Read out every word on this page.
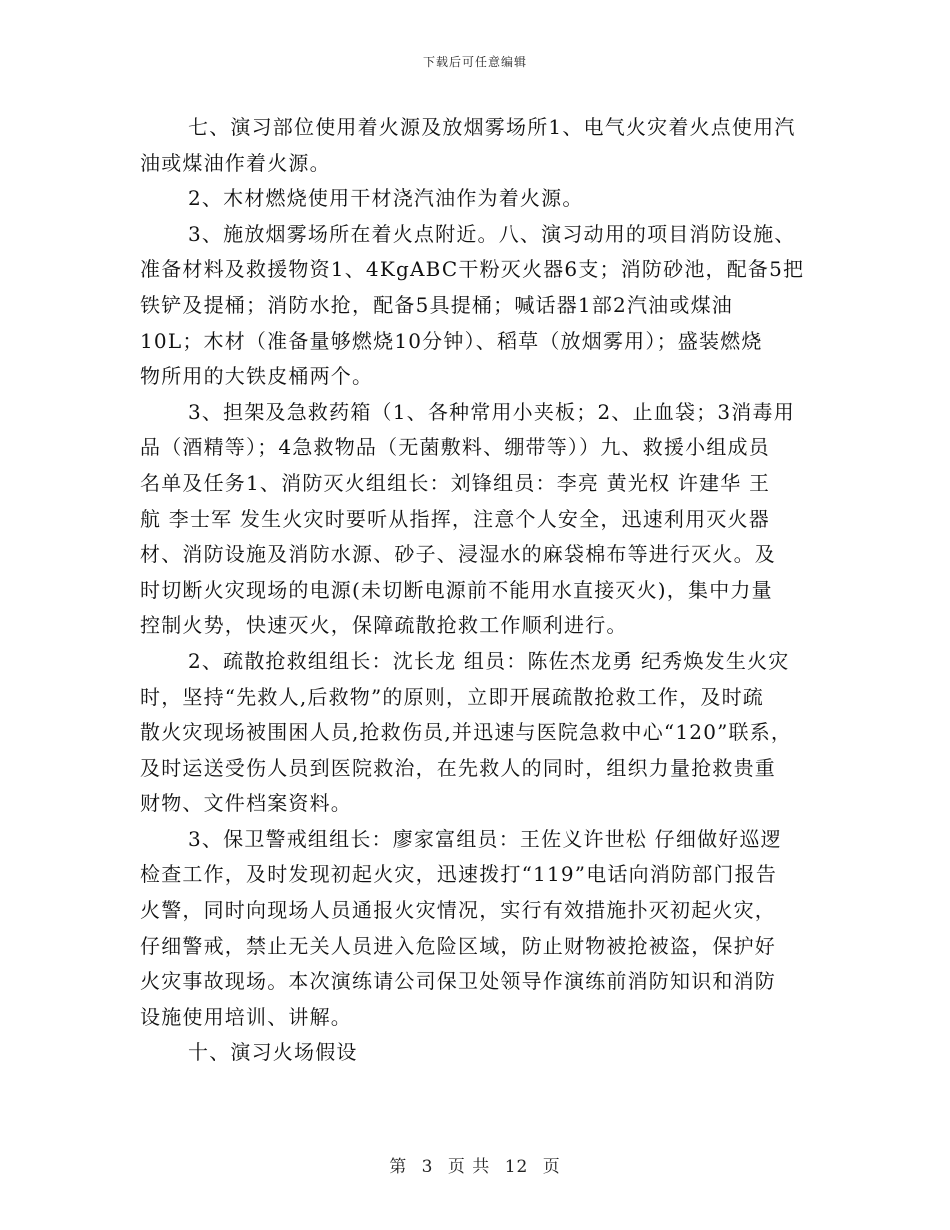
下载后可任意编辑
七、演习部位使用着火源及放烟雾场所1、电气火灾着火点使用汽
油或煤油作着火源。
2、木材燃烧使用干材浇汽油作为着火源。
3、施放烟雾场所在着火点附近。八、演习动用的项目消防设施、
准备材料及救援物资1、4KgABC干粉灭火器6支；消防砂池，配备5把
铁铲及提桶；消防水抢，配备5具提桶；喊话器1部2汽油或煤油
10L；木材（准备量够燃烧10分钟）、稻草（放烟雾用）；盛装燃烧
物所用的大铁皮桶两个。
3、担架及急救药箱（1、各种常用小夹板；2、止血袋；3消毒用
品（酒精等）；4急救物品（无菌敷料、绷带等））九、救援小组成员
名单及任务1、消防灭火组组长：刘锋组员：李亮 黄光权 许建华 王
航 李士军 发生火灾时要听从指挥，注意个人安全，迅速利用灭火器
材、消防设施及消防水源、砂子、浸湿水的麻袋棉布等进行灭火。及
时切断火灾现场的电源(未切断电源前不能用水直接灭火)，集中力量
控制火势，快速灭火，保障疏散抢救工作顺利进行。
2、疏散抢救组组长：沈长龙 组员：陈佐杰龙勇 纪秀焕发生火灾
时，坚持“先救人,后救物”的原则，立即开展疏散抢救工作，及时疏
散火灾现场被围困人员,抢救伤员,并迅速与医院急救中心“120”联系，
及时运送受伤人员到医院救治，在先救人的同时，组织力量抢救贵重
财物、文件档案资料。
3、保卫警戒组组长：廖家富组员：王佐义许世松 仔细做好巡逻
检查工作，及时发现初起火灾，迅速拨打“119”电话向消防部门报告
火警，同时向现场人员通报火灾情况，实行有效措施扑灭初起火灾，
仔细警戒，禁止无关人员进入危险区域，防止财物被抢被盗，保护好
火灾事故现场。本次演练请公司保卫处领导作演练前消防知识和消防
设施使用培训、讲解。
十、演习火场假设
第 3 页 共 12 页
